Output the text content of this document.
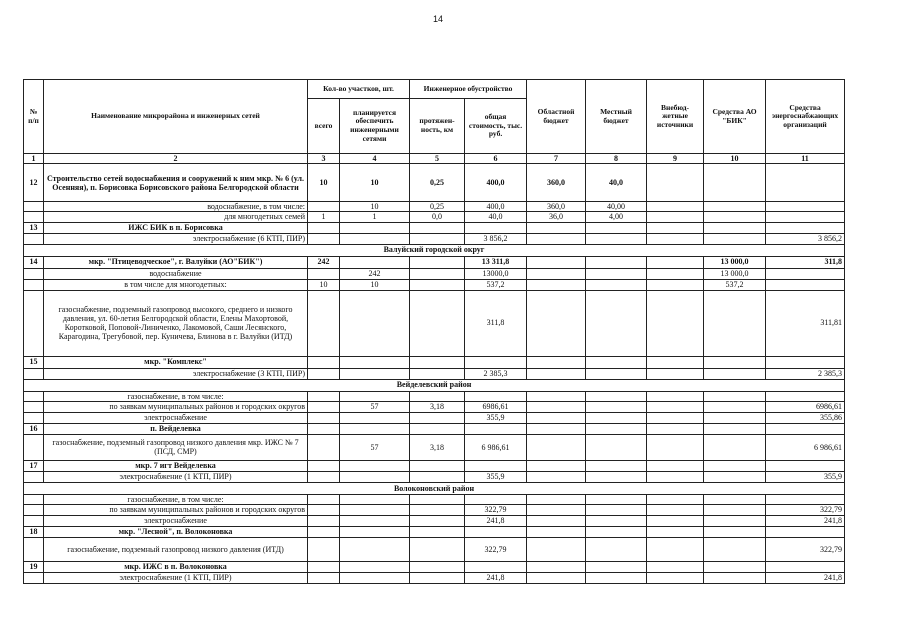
14
№ п/п	Наименование микрорайона и инженерных сетей	Кол-во участков, шт.		Инженерное обустройство		Областной бюджет	Местный бюджет	Внебюд-жетные источники	Средства АО "БИК"	Средства энергоснабжающих организаций
		всего	планируется обеспечить инженерными сетями	протяжен-ность, км	общая стоимость, тыс. руб.					
1	2	3	4	5	6	7	8	9	10	11
12	Строительство сетей водоснабжения и сооружений к ним мкр. № 6 (ул. Осенняя), п. Борисовка Борисовского района Белгородской области	10	10	0,25	400,0	360,0	40,0			
	водоснабжение, в том числе:		10	0,25	400,0	360,0	40,00			
	для многодетных семей	1	1	0,0	40,0	36,0	4,00			
13	ИЖС БИК в п. Борисовка									
	электроснабжение (6 КТП, ПИР)				3 856,2					3 856,2
Валуйский городской округ										
14	мкр. "Птицеводческое", г. Валуйки (АО"БИК")	242			13 311,8				13 000,0	311,8
	водоснабжение		242		13000,0				13 000,0	
	в том числе для многодетных:	10	10		537,2				537,2	
	газоснабжение, подземный газопровод высокого, среднего и низкого давления, ул. 60-летия Белгородской области, Елены Махортовой, Коротковой, Поповой-Линиченко, Лакомовой, Саши Лесянского, Карагодина, Трегубовой, пер. Куничева, Блинова в г. Валуйки (ИТД)				311,8					311,81
15	мкр. "Комплекс"									
	электроснабжение (3 КТП, ПИР)				2 385,3					2 385,3
Вейделевский район										
	газоснабжение, в том числе:									
	по заявкам муниципальных районов и городских округов		57	3,18	6986,61					6986,61
	электроснабжение				355,9					355,86
16	п. Вейделевка									
	газоснабжение, подземный газопровод низкого давления мкр. ИЖС № 7 (ПСД, СМР)		57	3,18	6 986,61					6 986,61
17	мкр. 7 игт Вейделевка									
	электроснабжение (1 КТП, ПИР)				355,9					355,9
Волоконовский район										
	газоснабжение, в том числе:									
	по заявкам муниципальных районов и городских округов				322,79					322,79
	электроснабжение				241,8					241,8
18	мкр. "Лесной", п. Волоконовка									
	газоснабжение, подземный газопровод низкого давления (ИТД)				322,79					322,79
19	мкр. ИЖС в п. Волоконовка									
	электроснабжение (1 КТП, ПИР)				241,8					241,8
